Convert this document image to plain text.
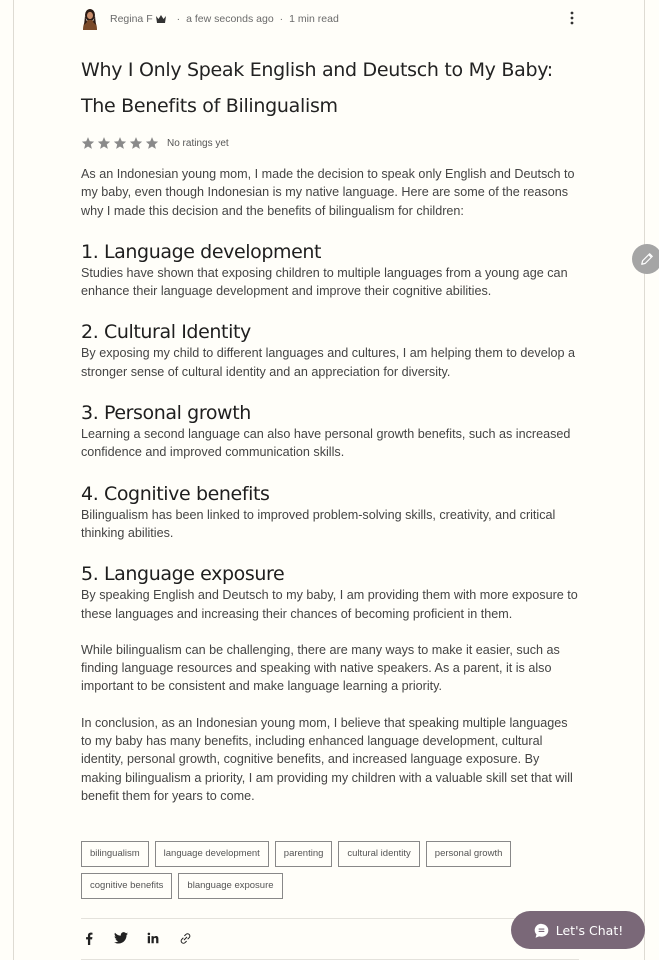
Regina F · a few seconds ago · 1 min read
Why I Only Speak English and Deutsch to My Baby: The Benefits of Bilingualism
No ratings yet

As an Indonesian young mom, I made the decision to speak only English and Deutsch to my baby, even though Indonesian is my native language. Here are some of the reasons why I made this decision and the benefits of bilingualism for children:

1. Language development

Studies have shown that exposing children to multiple languages from a young age can enhance their language development and improve their cognitive abilities.

2. Cultural Identity

By exposing my child to different languages and cultures, I am helping them to develop a stronger sense of cultural identity and an appreciation for diversity.

3. Personal growth

Learning a second language can also have personal growth benefits, such as increased confidence and improved communication skills.

4. Cognitive benefits

Bilingualism has been linked to improved problem-solving skills, creativity, and critical thinking abilities.

5. Language exposure

By speaking English and Deutsch to my baby, I am providing them with more exposure to these languages and increasing their chances of becoming proficient in them.

While bilingualism can be challenging, there are many ways to make it easier, such as finding language resources and speaking with native speakers. As a parent, it is also important to be consistent and make language learning a priority.

In conclusion, as an Indonesian young mom, I believe that speaking multiple languages to my baby has many benefits, including enhanced language development, cultural identity, personal growth, cognitive benefits, and increased language exposure. By making bilingualism a priority, I am providing my children with a valuable skill set that will benefit them for years to come.

bilingualism	language development	parenting	cultural identity	personal growth
cognitive benefits	blanguage exposure
Let's Chat!
